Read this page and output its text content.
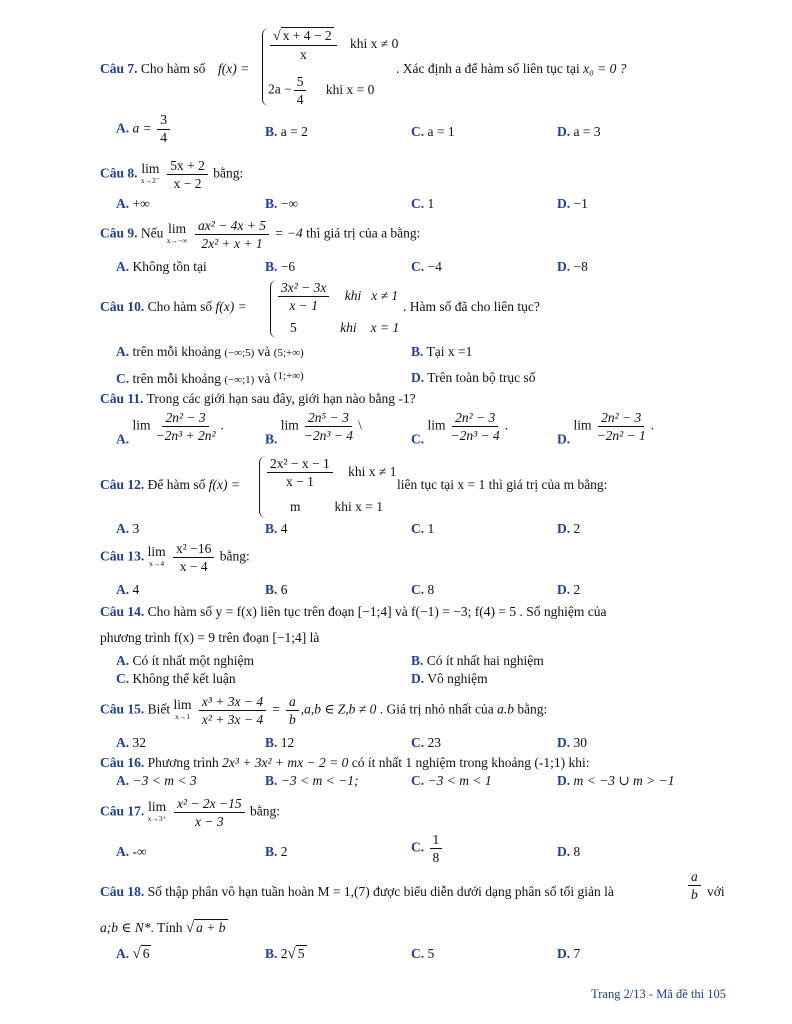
Câu 7. Cho hàm số f(x) =
$\frac{√ x + 4 - 2}{x}$ khi x ≠ 0
$2a - \frac{5}{4}$ khi x = 0
. Xác định a để hàm số liên tục tại x₀ = 0 ?
A. $a = \frac{3}{4}$	B. a = 2	C. a = 1	D. a = 3
Câu 8. lim
x→2⁻
$\frac{5x + 2}{x - 2}$ bằng:
A. +∞	B. −∞	C. 1	D. −1
Câu 9. Nếu lim
x→−∞
$\frac{\text{ax² − 4x + 5}}{\text{2x² + x + 1}} = -4$ thì giá trị của a bằng:
A. Không tồn tại	B. −6	C. −4	D. −8
Câu 10. Cho hàm số $f(x) = \frac{\text{3x² − 3x}}{x - 1}$ khi x ≠ 1
5	khi x = 1
. Hàm số đã cho liên tục?
A. trên mỗi khoảng (−∞;5) và (5;+∞)	B. Tại x =1
C. trên mỗi khoảng (−∞;1) và $^{(1;+\infty)}$	D. Trên toàn bộ trục số
Câu 11. Trong các giới hạn sau đây, giới hạn nào bằng -1?
A. $\lim \frac{\text{2n² − 3}}{\text{−2n³ + 2n²}}$ .
B. $\lim \frac{\text{2n⁵ − 3}}{\text{−2n³ − 4}}$ \
C. $\lim \frac{\text{2n² − 3}}{\text{−2n³ − 4}}$ .
D. $\lim \frac{\text{2n² − 3}}{\text{−2n² − 1}}$ .
Câu 12. Để hàm số $f(x) = \frac{\text{2x² − x − 1}}{x - 1}$ khi x ≠ 1
m	khi x = 1
liên tục tại x = 1 thì giá trị của m bằng:
A. 3	B. 4	C. 1	D. 2
Câu 13. lim
x→4
$\frac{\text{x² −16}}{x - 4}$ bằng:
A. 4	B. 6	C. 8	D. 2
Câu 14. Cho hàm số y = f(x) liên tục trên đoạn [−1;4] và f(−1) = −3; f(4) = 5 . Số nghiệm của
phương trình f(x) = 9 trên đoạn [−1;4] là
A. Có ít nhất một nghiệm	B. Có ít nhất hai nghiệm
C. Không thể kết luận	D. Vô nghiệm
Câu 15. Biết lim
x→1
$\frac{\text{x³ + 3x − 4}}{\text{x² + 3x − 4}} = \frac{a}{b} ,a,b$ ∈ Z,b ≠ 0 . Giá trị nhỏ nhất của a.b bằng:
A. 32	B. 12	C. 23	D. 30
Câu 16. Phương trình 2x³ + 3x² + mx − 2 = 0 có ít nhất 1 nghiệm trong khoảng (-1;1) khi:
A. −3 < m < 3	B. −3 < m < −1;	C. −3 < m < 1	D. m < −3 ∪ m > −1
Câu 17. lim
x→3⁺
$\frac{\text{x² − 2x −15}}{x - 3}$ bằng:
A. -∞	B. 2	C. $\frac{1}{8}$	D. 8
Câu 18. Số thập phân vô hạn tuần hoàn M = 1,(7) được biểu diễn dưới dạng phân số tối giản là	$\frac{a}{b}$ với
a;b ∈ N*. Tính √ a + b
A. √ 6	B. 2√ 5	C. 5	D. 7
Trang 2/13 - Mã đề thi 105
